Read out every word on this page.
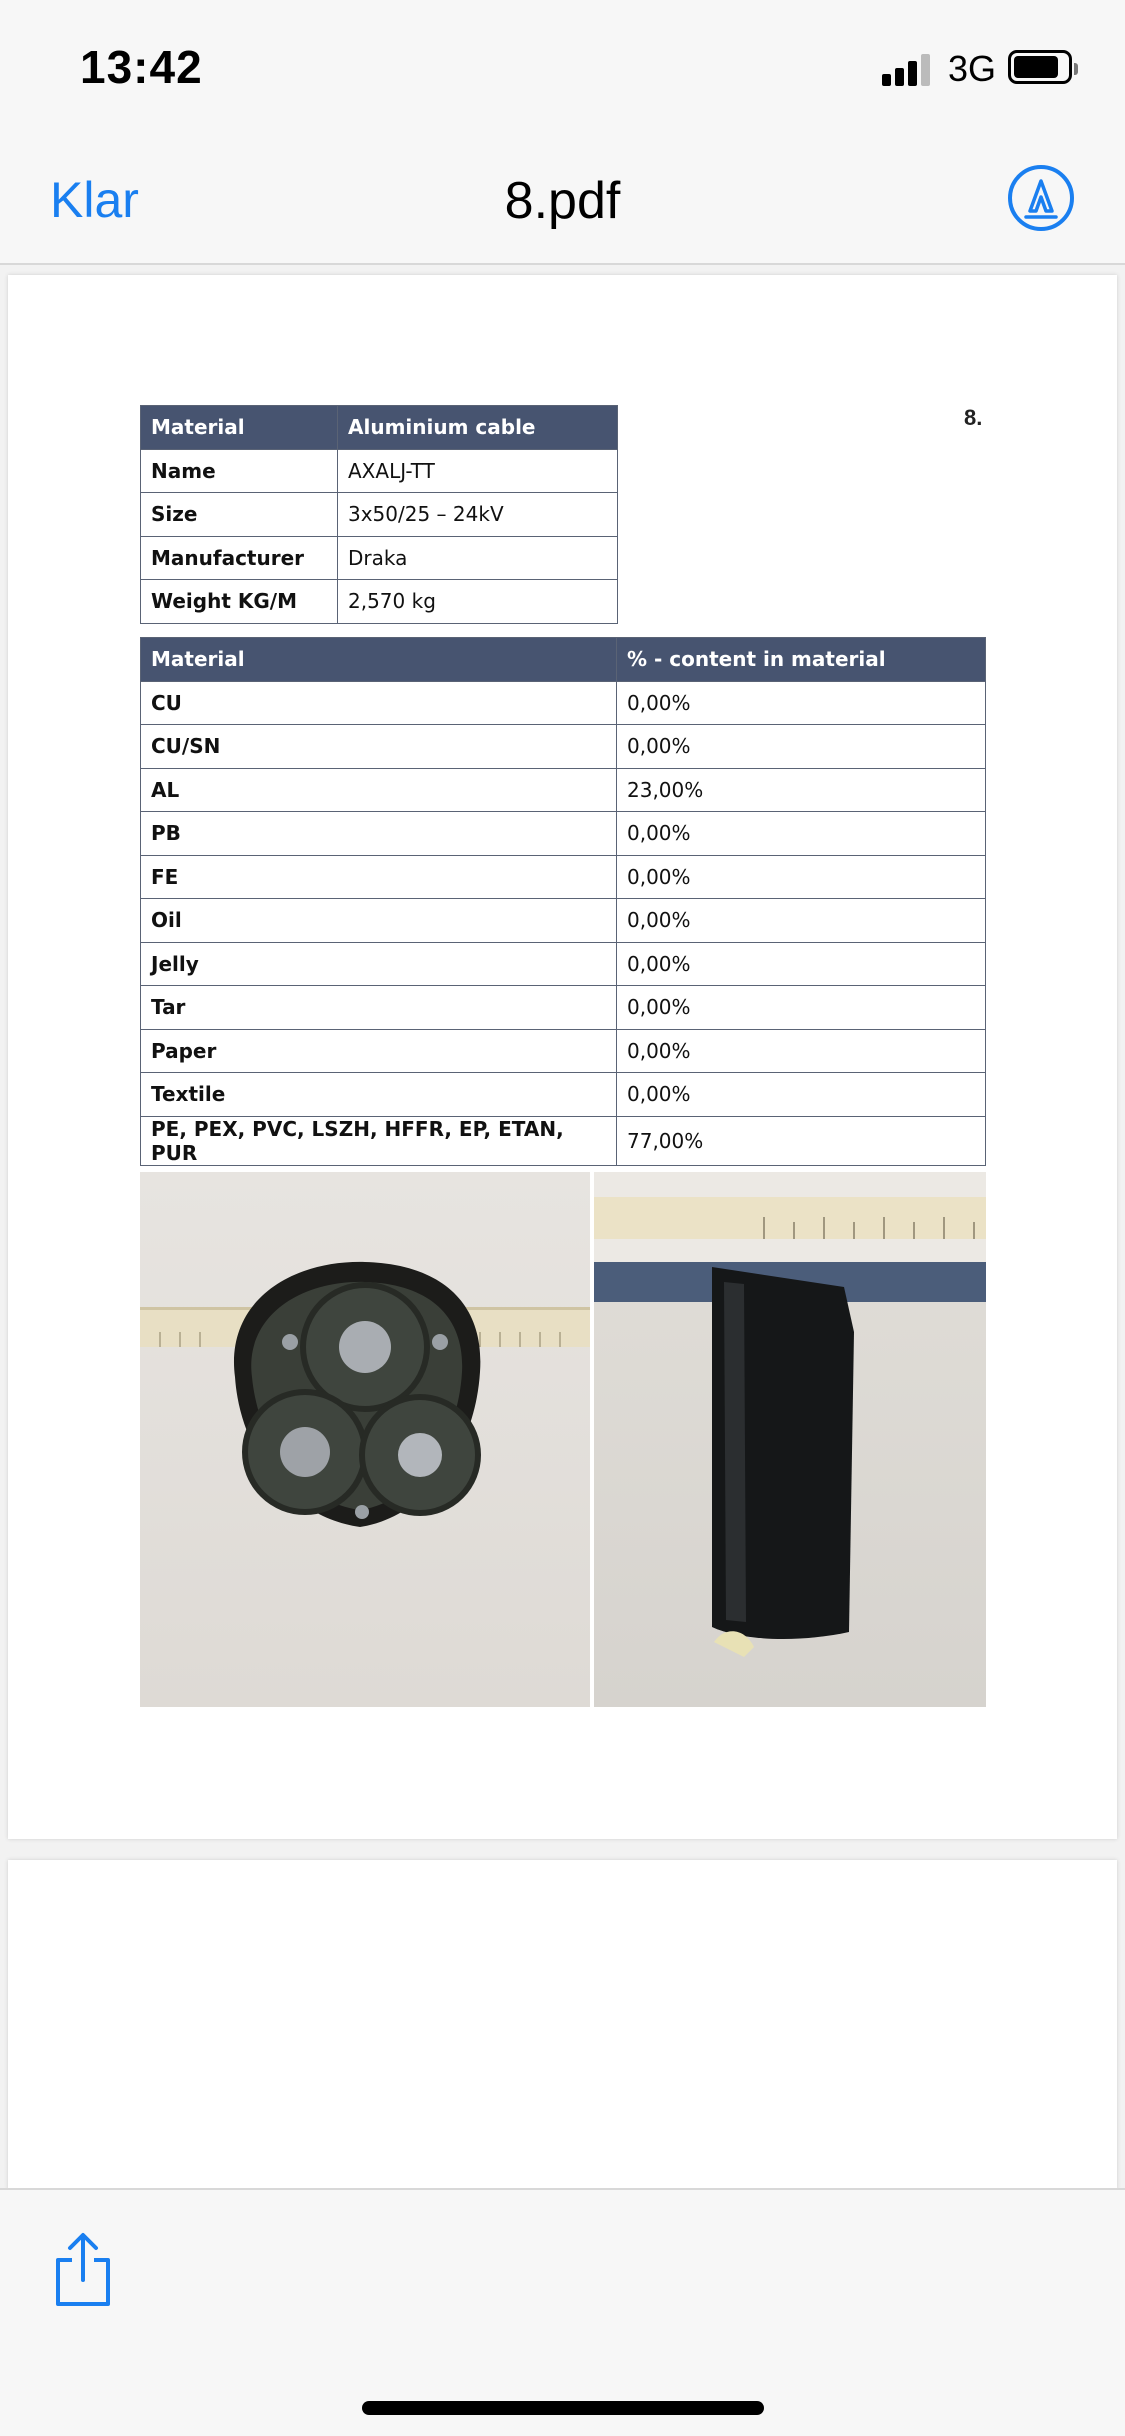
13:42	3G
Klar	8.pdf
8.
Material	Aluminium cable
Name	AXALJ-TT
Size	3x50/25 – 24kV
Manufacturer	Draka
Weight KG/M	2,570 kg
Material	% - content in material
CU	0,00%
CU/SN	0,00%
AL	23,00%
PB	0,00%
FE	0,00%
Oil	0,00%
Jelly	0,00%
Tar	0,00%
Paper	0,00%
Textile	0,00%
PE, PEX, PVC, LSZH, HFFR, EP, ETAN, PUR	77,00%
